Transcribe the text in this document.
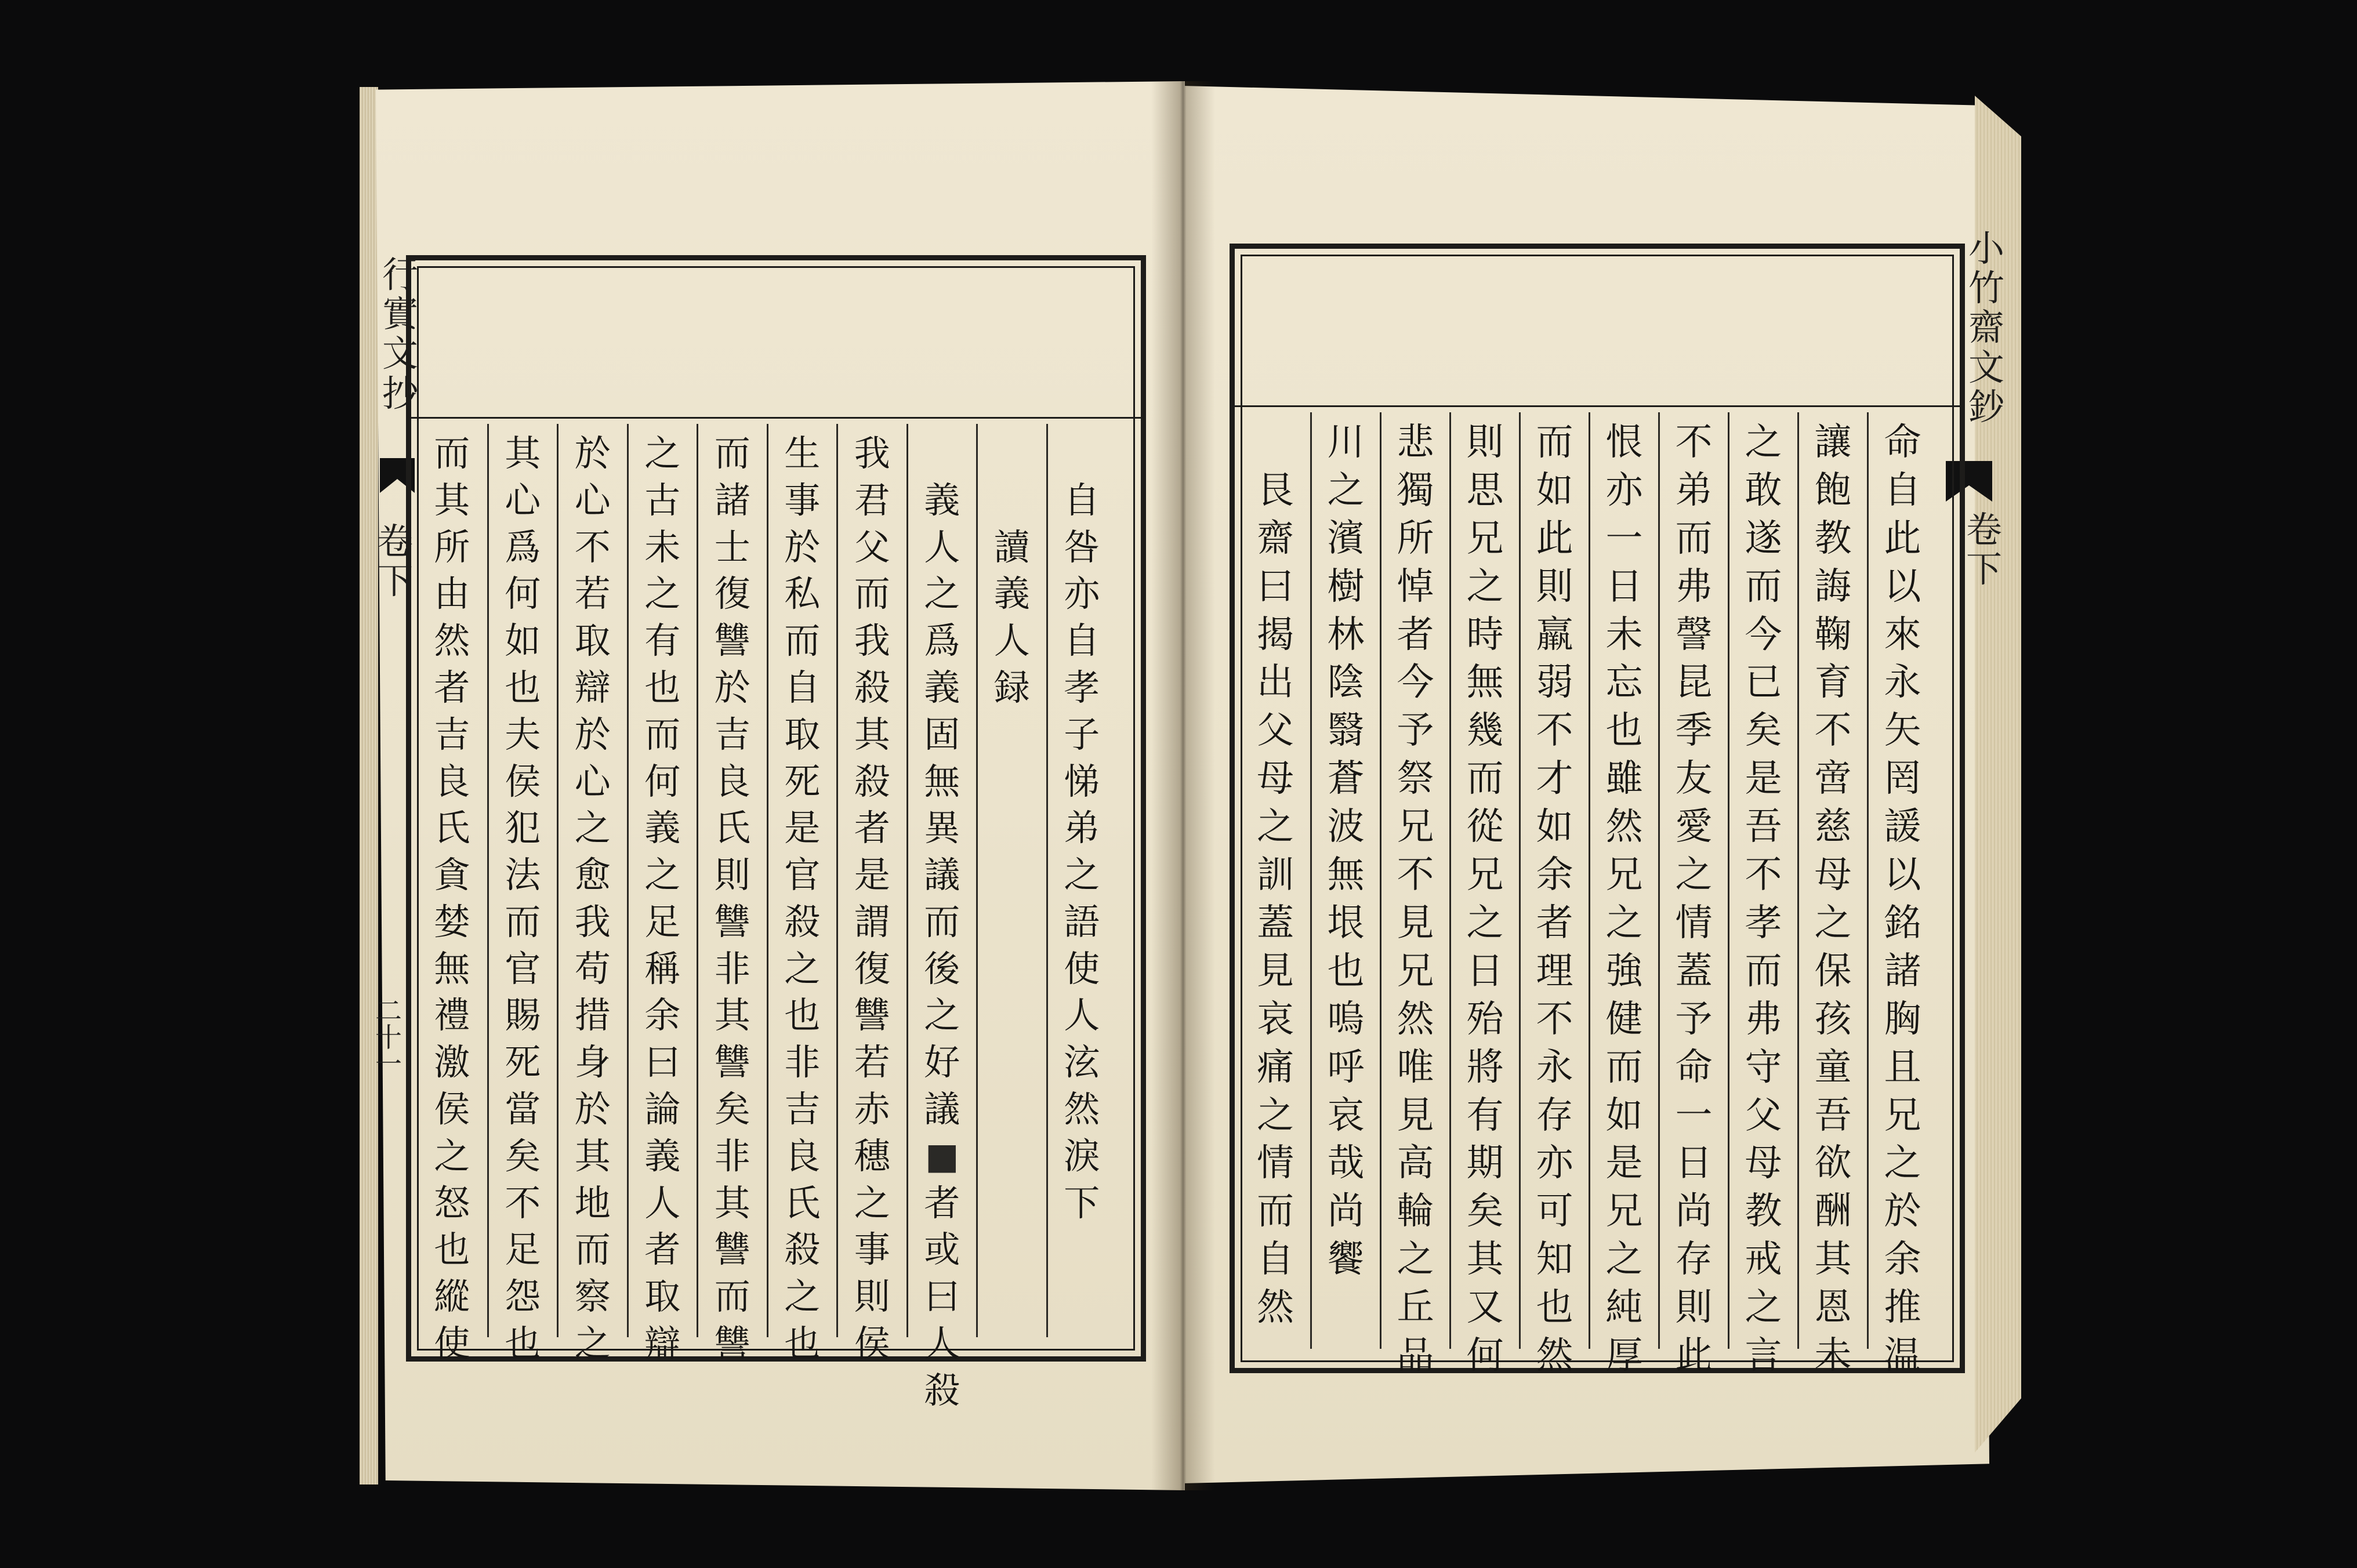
行
實
文
抄
卷下
二
十
一
自
咎
亦
自
孝
子
悌
弟
之
語
使
人
泫
然
淚
下
讀
義
人
録
義
人
之
爲
義
固
無
異
議
而
後
之
好
議
■
者
或
曰
人
殺
我
君
父
而
我
殺
其
殺
者
是
謂
復
讐
若
赤
穗
之
事
則
侯
生
事
於
私
而
自
取
死
是
官
殺
之
也
非
吉
良
氏
殺
之
也
而
諸
士
復
讐
於
吉
良
氏
則
讐
非
其
讐
矣
非
其
讐
而
讐
之
古
未
之
有
也
而
何
義
之
足
稱
余
曰
論
義
人
者
取
辯
於
心
不
若
取
辯
於
心
之
愈
我
苟
措
身
於
其
地
而
察
之
其
心
爲
何
如
也
夫
侯
犯
法
而
官
賜
死
當
矣
不
足
怨
也
而
其
所
由
然
者
吉
良
氏
貪
婪
無
禮
激
侯
之
怒
也
縱
使
小
竹
齋
文
鈔
卷下
命
自
此
以
來
永
矢
罔
諼
以
銘
諸
胸
且
兄
之
於
余
推
温
讓
飽
教
誨
鞠
育
不
啻
慈
母
之
保
孩
童
吾
欲
酬
其
恩
未
之
敢
遂
而
今
已
矣
是
吾
不
孝
而
弗
守
父
母
教
戒
之
言
不
弟
而
弗
謦
昆
季
友
愛
之
情
蓋
予
命
一
日
尚
存
則
此
恨
亦
一
日
未
忘
也
雖
然
兄
之
強
健
而
如
是
兄
之
純
厚
而
如
此
則
羸
弱
不
才
如
余
者
理
不
永
存
亦
可
知
也
然
則
思
兄
之
時
無
幾
而
從
兄
之
日
殆
將
有
期
矣
其
又
何
悲
獨
所
悼
者
今
予
祭
兄
不
見
兄
然
唯
見
高
輪
之
丘
品
川
之
濱
樹
林
陰
翳
蒼
波
無
垠
也
嗚
呼
哀
哉
尚
饗
艮
齋
曰
揭
出
父
母
之
訓
蓋
見
哀
痛
之
情
而
自
然
